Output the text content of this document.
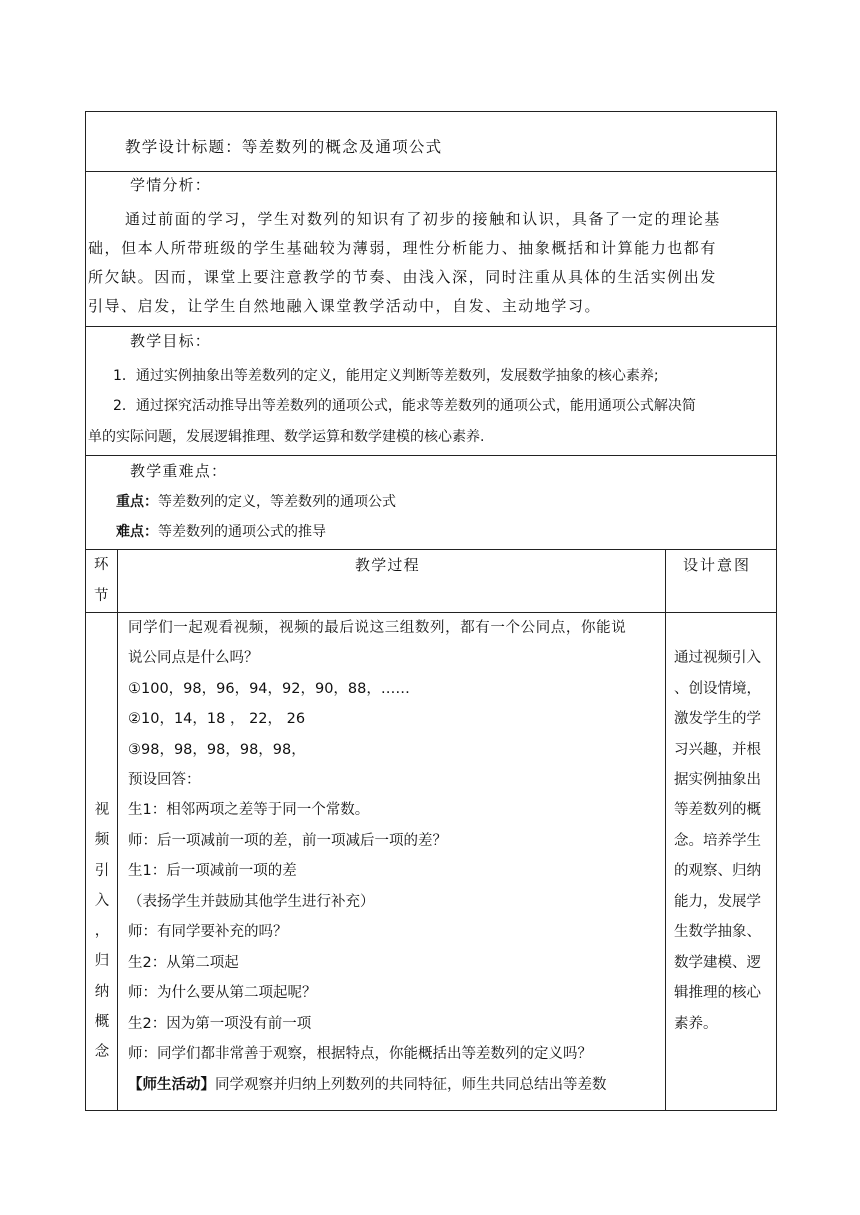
教学设计标题：等差数列的概念及通项公式
学情分析：
通过前面的学习，学生对数列的知识有了初步的接触和认识，具备了一定的理论基
础，但本人所带班级的学生基础较为薄弱，理性分析能力、抽象概括和计算能力也都有
所欠缺。因而，课堂上要注意教学的节奏、由浅入深，同时注重从具体的生活实例出发
引导、启发，让学生自然地融入课堂教学活动中，自发、主动地学习。
教学目标：
1．通过实例抽象出等差数列的定义，能用定义判断等差数列，发展数学抽象的核心素养;
2．通过探究活动推导出等差数列的通项公式，能求等差数列的通项公式，能用通项公式解决简
单的实际问题，发展逻辑推理、数学运算和数学建模的核心素养.
教学重难点：
重点：等差数列的定义，等差数列的通项公式
难点：等差数列的通项公式的推导
环
节
教学过程	设计意图
视
频
引
入
，
归
纳
概
念
同学们一起观看视频，视频的最后说这三组数列，都有一个公同点，你能说
说公同点是什么吗？
①100，98，96，94，92，90，88，……
②10，14，18 ， 22， 26
③98，98，98，98，98，
预设回答：
生1：相邻两项之差等于同一个常数。
师：后一项减前一项的差，前一项减后一项的差？
生1：后一项减前一项的差
（表扬学生并鼓励其他学生进行补充）
师：有同学要补充的吗？
生2：从第二项起
师：为什么要从第二项起呢？
生2：因为第一项没有前一项
师：同学们都非常善于观察，根据特点，你能概括出等差数列的定义吗？
【师生活动】同学观察并归纳上列数列的共同特征，师生共同总结出等差数
通过视频引入
、创设情境，
激发学生的学
习兴趣，并根
据实例抽象出
等差数列的概
念。培养学生
的观察、归纳
能力，发展学
生数学抽象、
数学建模、逻
辑推理的核心
素养。
